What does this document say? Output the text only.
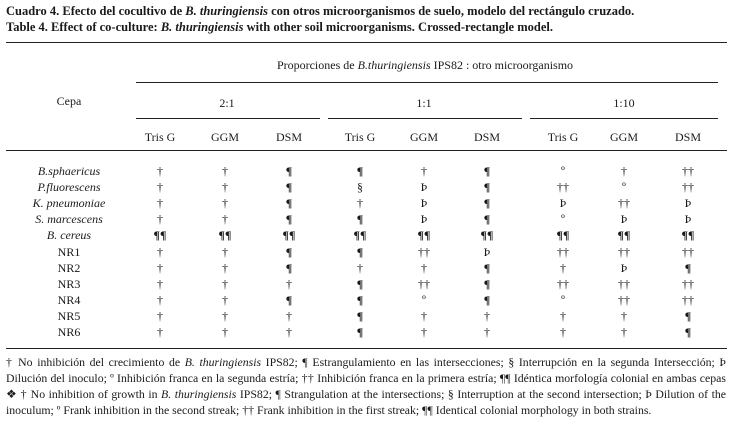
Cuadro 4. Efecto del cocultivo de B. thuringiensis con otros microorganismos de suelo, modelo del rectángulo cruzado.
Table 4. Effect of co-culture: B. thuringiensis with other soil microorganisms. Crossed-rectangle model.
Cepa
Proporciones de B.thuringiensis IPS82 : otro microorganismo
2:1	1:1	1:10
Tris G	GGM	DSM	Tris G	GGM	DSM	Tris G	GGM	DSM
B.sphaericus	†	†	¶	¶	†	¶	º	†	††
P.fluorescens	†	†	¶	§	Þ	¶	††	º	††
K. pneumoniae	†	†	¶	†	Þ	¶	Þ	††	Þ
S. marcescens	†	†	¶	¶	Þ	¶	º	Þ	Þ
B. cereus	¶¶	¶¶	¶¶	¶¶	¶¶	¶¶	¶¶	¶¶	¶¶
NR1	†	†	¶	¶	††	Þ	††	††	††
NR2	†	†	¶	†	†	¶	†	Þ	¶
NR3	†	†	†	¶	††	¶	††	††	††
NR4	†	†	¶	¶	º	¶	º	††	††
NR5	†	†	†	¶	†	†	†	†	¶
NR6	†	†	†	¶	†	†	†	†	¶
† No inhibición del crecimiento de B. thuringiensis IPS82; ¶ Estrangulamiento en las intersecciones; § Interrupción en la segunda Intersección; Þ Dilución del inoculo; º Inhibición franca en la segunda estría; †† Inhibición franca en la primera estría; ¶¶ Idéntica morfología colonial en ambas cepas ❖ † No inhibition of growth in B. thuringiensis IPS82; ¶ Strangulation at the intersections; § Interruption at the second intersection; Þ Dilution of the inoculum; º Frank inhibition in the second streak; †† Frank inhibition in the first streak; ¶¶ Identical colonial morphology in both strains.
